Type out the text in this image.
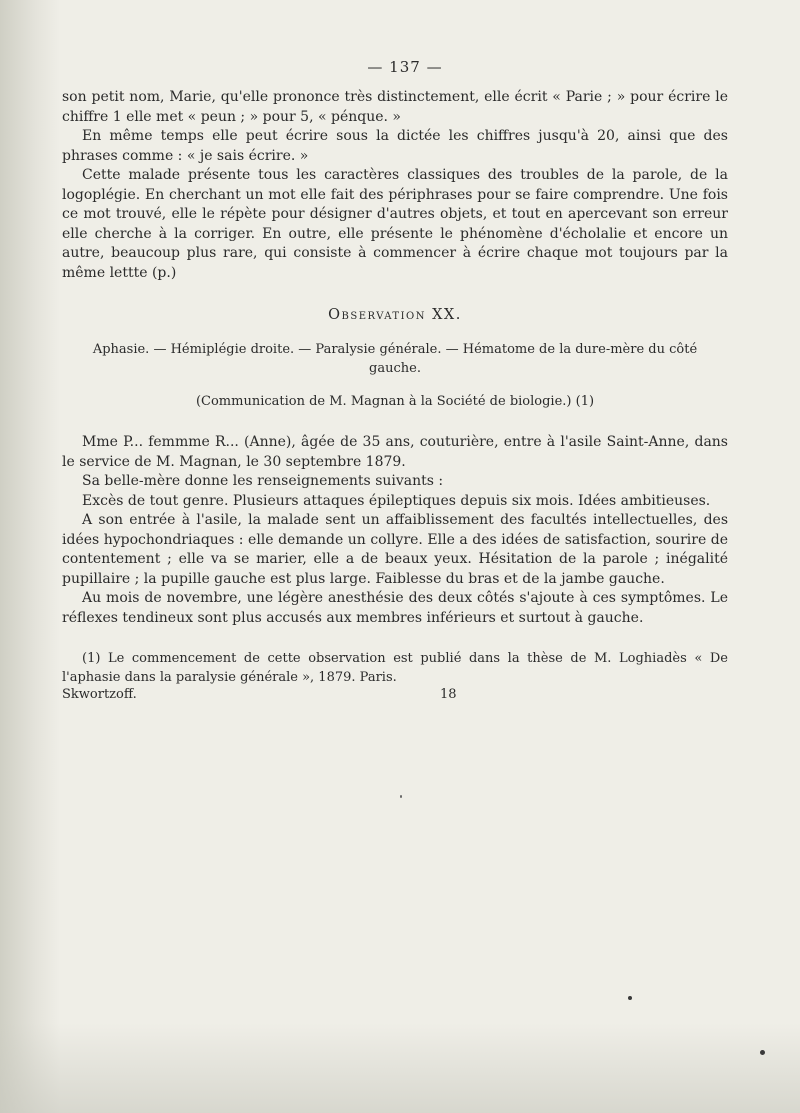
— 137 —

son petit nom, Marie, qu'elle prononce très distinctement, elle écrit « Parie ; » pour écrire le chiffre 1 elle met « peun ; » pour 5, « pénque. »

En même temps elle peut écrire sous la dictée les chiffres jusqu'à 20, ainsi que des phrases comme : « je sais écrire. »

Cette malade présente tous les caractères classiques des troubles de la parole, de la logoplégie. En cherchant un mot elle fait des périphrases pour se faire comprendre. Une fois ce mot trouvé, elle le répète pour désigner d'autres objets, et tout en apercevant son erreur elle cherche à la corriger. En outre, elle présente le phénomène d'écholalie et encore un autre, beaucoup plus rare, qui consiste à commencer à écrire chaque mot toujours par la même lettte (p.)

Observation XX.
Aphasie. — Hémiplégie droite. — Paralysie générale. — Hématome de la dure-mère du côté gauche.
(Communication de M. Magnan à la Société de biologie.) (1)

Mme P... femmme R... (Anne), âgée de 35 ans, couturière, entre à l'asile Saint-Anne, dans le service de M. Magnan, le 30 septembre 1879.

Sa belle-mère donne les renseignements suivants :

Excès de tout genre. Plusieurs attaques épileptiques depuis six mois. Idées ambitieuses.

A son entrée à l'asile, la malade sent un affaiblissement des facultés intellectuelles, des idées hypochondriaques : elle demande un collyre. Elle a des idées de satisfaction, sourire de contentement ; elle va se marier, elle a de beaux yeux. Hésitation de la parole ; inégalité pupillaire ; la pupille gauche est plus large. Faiblesse du bras et de la jambe gauche.

Au mois de novembre, une légère anesthésie des deux côtés s'ajoute à ces symptômes. Le réflexes tendineux sont plus accusés aux membres inférieurs et surtout à gauche.

(1) Le commencement de cette observation est publié dans la thèse de M. Loghiadès « De l'aphasie dans la paralysie générale », 1879. Paris.

Skwortzoff.	18
